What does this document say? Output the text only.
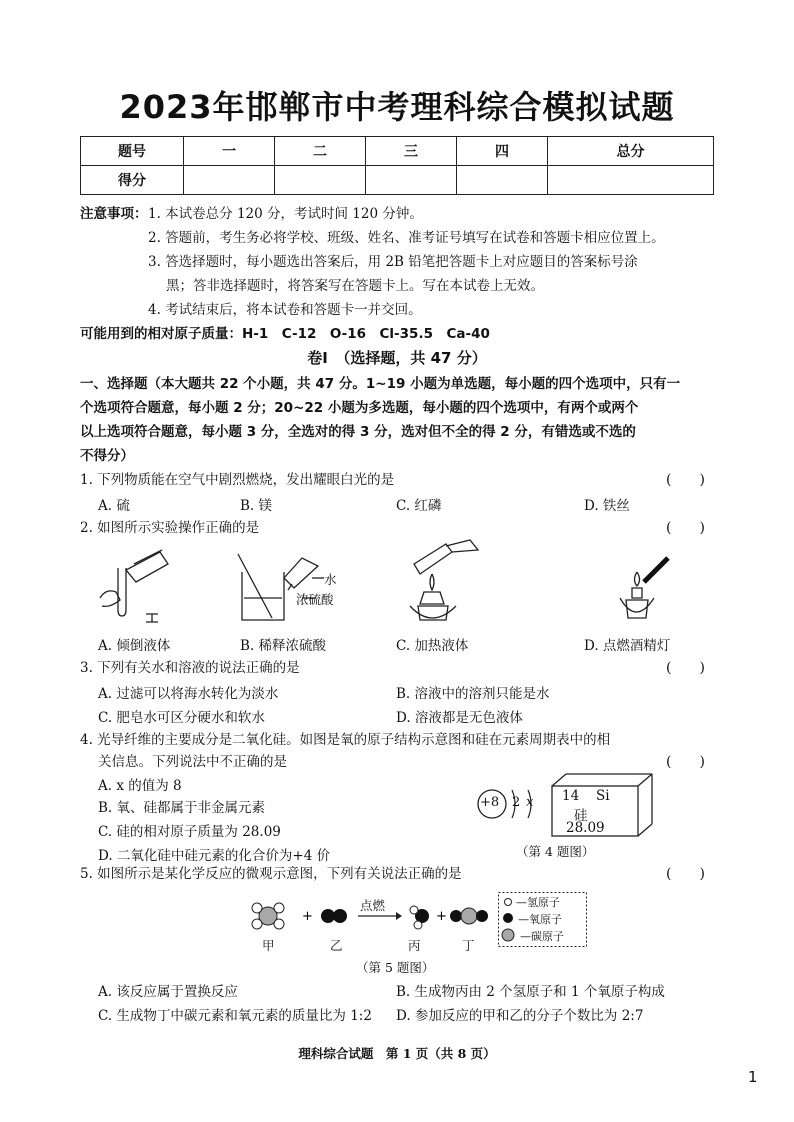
2023年邯郸市中考理科综合模拟试题
题号	一	二	三	四	总分
得分					
注意事项： 1. 本试卷总分 120 分，考试时间 120 分钟。
2. 答题前，考生务必将学校、班级、姓名、准考证号填写在试卷和答题卡相应位置上。
3. 答选择题时，每小题选出答案后，用 2B 铅笔把答题卡上对应题目的答案标号涂
黑；答非选择题时，将答案写在答题卡上。写在本试卷上无效。
4. 考试结束后，将本试卷和答题卡一并交回。
可能用到的相对原子质量：H-1　C-12　O-16　Cl-35.5　Ca-40
卷Ⅰ　（选择题，共 47 分）
一、选择题（本大题共 22 个小题，共 47 分。1~19 小题为单选题，每小题的四个选项中，只有一
个选项符合题意，每小题 2 分；20~22 小题为多选题，每小题的四个选项中，有两个或两个
以上选项符合题意，每小题 3 分，全选对的得 3 分，选对但不全的得 2 分，有错选或不选的
不得分）
1. 下列物质能在空气中剧烈燃烧，发出耀眼白光的是	(　　)
A. 硫	B. 镁	C. 红磷	D. 铁丝
2. 如图所示实验操作正确的是	(　　)
水
浓硫酸
A. 倾倒液体	B. 稀释浓硫酸	C. 加热液体	D. 点燃酒精灯
3. 下列有关水和溶液的说法正确的是	(　　)
A. 过滤可以将海水转化为淡水	B. 溶液中的溶剂只能是水
C. 肥皂水可区分硬水和软水	D. 溶液都是无色液体
4. 光导纤维的主要成分是二氧化硅。如图是氧的原子结构示意图和硅在元素周期表中的相
关信息。下列说法中不正确的是	(　　)
A. x 的值为 8
B. 氧、硅都属于非金属元素
C. 硅的相对原子质量为 28.09
D. 二氧化硅中硅元素的化合价为+4 价
+8 2 x 14 Si
硅
28.09
（第 4 题图）
5. 如图所示是某化学反应的微观示意图，下列有关说法正确的是	(　　)
+	+
点燃
甲	乙	丙	丁
—氢原子
—氧原子
—碳原子
（第 5 题图）
A. 该反应属于置换反应	B. 生成物丙由 2 个氢原子和 1 个氧原子构成
C. 生成物丁中碳元素和氧元素的质量比为 1:2 D. 参加反应的甲和乙的分子个数比为 2:7
理科综合试题　第 1 页（共 8 页）
1
